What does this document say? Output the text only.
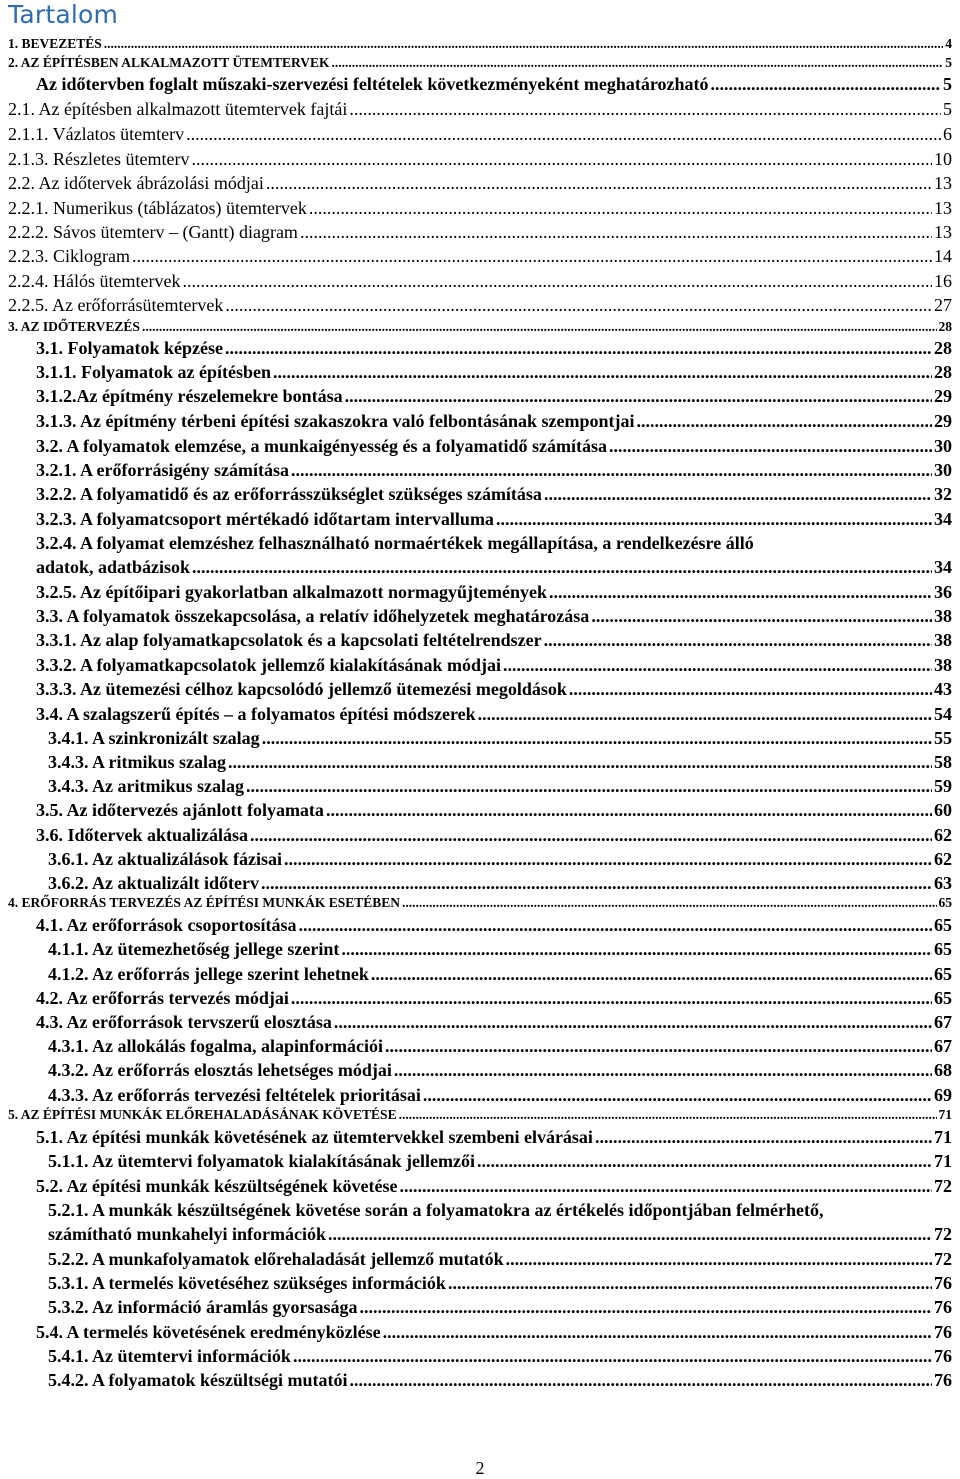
Tartalom
1. BEVEZETÉS .....	4
2. AZ ÉPÍTÉSBEN ALKALMAZOTT ÜTEMTERVEK .....	5
Az időtervben foglalt műszaki-szervezési feltételek következményeként meghatározható .....	5
2.1. Az építésben alkalmazott ütemtervek fajtái .....	5
2.1.1. Vázlatos ütemterv .....	6
2.1.3. Részletes ütemterv .....	10
2.2. Az időtervek ábrázolási módjai .....	13
2.2.1. Numerikus (táblázatos) ütemtervek .....	13
2.2.2. Sávos ütemterv – (Gantt) diagram .....	13
2.2.3. Ciklogram .....	14
2.2.4. Hálós ütemtervek .....	16
2.2.5. Az erőforrásütemtervek .....	27
3. AZ IDŐTERVEZÉS .....	28
3.1. Folyamatok képzése .....	28
3.1.1. Folyamatok az építésben .....	28
3.1.2.Az építmény részelemekre bontása .....	29
3.1.3. Az építmény térbeni építési szakaszokra való felbontásának szempontjai .....	29
3.2. A folyamatok elemzése, a munkaigényesség és a folyamatidő számítása .....	30
3.2.1. A erőforrásigény számítása .....	30
3.2.2. A folyamatidő és az erőforrásszükséglet szükséges számítása .....	32
3.2.3. A folyamatcsoport mértékadó időtartam intervalluma .....	34
3.2.4. A folyamat elemzéshez felhasználható normaértékek megállapítása, a rendelkezésre álló
adatok, adatbázisok .....	34
3.2.5. Az építőipari gyakorlatban alkalmazott normagyűjtemények .....	36
3.3. A folyamatok összekapcsolása, a relatív időhelyzetek meghatározása .....	38
3.3.1. Az alap folyamatkapcsolatok és a kapcsolati feltételrendszer .....	38
3.3.2. A folyamatkapcsolatok jellemző kialakításának módjai .....	38
3.3.3. Az ütemezési célhoz kapcsolódó jellemző ütemezési megoldások .....	43
3.4. A szalagszerű építés – a folyamatos építési módszerek .....	54
3.4.1. A szinkronizált szalag .....	55
3.4.3. A ritmikus szalag .....	58
3.4.3. Az aritmikus szalag .....	59
3.5. Az időtervezés ajánlott folyamata .....	60
3.6. Időtervek aktualizálása .....	62
3.6.1. Az aktualizálások fázisai .....	62
3.6.2. Az aktualizált időterv .....	63
4. ERŐFORRÁS TERVEZÉS AZ ÉPÍTÉSI MUNKÁK ESETÉBEN .....	65
4.1. Az erőforrások csoportosítása .....	65
4.1.1. Az ütemezhetőség jellege szerint .....	65
4.1.2. Az erőforrás jellege szerint lehetnek .....	65
4.2. Az erőforrás tervezés módjai .....	65
4.3. Az erőforrások tervszerű elosztása .....	67
4.3.1. Az allokálás fogalma, alapinformációi .....	67
4.3.2. Az erőforrás elosztás lehetséges módjai .....	68
4.3.3. Az erőforrás tervezési feltételek prioritásai .....	69
5. AZ ÉPÍTÉSI MUNKÁK ELŐREHALADÁSÁNAK KÖVETÉSE .....	71
5.1. Az építési munkák követésének az ütemtervekkel szembeni elvárásai .....	71
5.1.1. Az ütemtervi folyamatok kialakításának jellemzői .....	71
5.2. Az építési munkák készültségének követése .....	72
5.2.1. A munkák készültségének követése során a folyamatokra az értékelés időpontjában felmérhető,
számítható munkahelyi információk .....	72
5.2.2. A munkafolyamatok előrehaladását jellemző mutatók .....	72
5.3.1. A termelés követéséhez szükséges információk .....	76
5.3.2. Az információ áramlás gyorsasága .....	76
5.4. A termelés követésének eredményközlése .....	76
5.4.1. Az ütemtervi információk .....	76
5.4.2. A folyamatok készültségi mutatói .....	76
2
